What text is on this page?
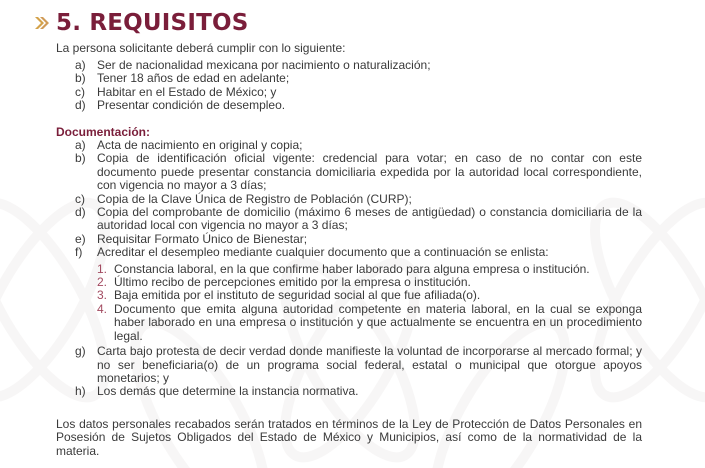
5. REQUISITOS
La persona solicitante deberá cumplir con lo siguiente:
a) Ser de nacionalidad mexicana por nacimiento o naturalización;
b) Tener 18 años de edad en adelante;
c)	Habitar en el Estado de México; y
d) Presentar condición de desempleo.
Documentación:
a) Acta de nacimiento en original y copia;
b) Copia de identificación oficial vigente: credencial para votar; en caso de no contar con este documento puede presentar constancia domiciliaria expedida por la autoridad local correspondiente, con vigencia no mayor a 3 días;
c)	Copia de la Clave Única de Registro de Población (CURP);
d) Copia del comprobante de domicilio (máximo 6 meses de antigüedad) o constancia domiciliaria de la autoridad local con vigencia no mayor a 3 días;
e) Requisitar Formato Único de Bienestar;
f)	Acreditar el desempleo mediante cualquier documento que a continuación se enlista:
1. Constancia laboral, en la que confirme haber laborado para alguna empresa o institución.
2. Último recibo de percepciones emitido por la empresa o institución.
3. Baja emitida por el instituto de seguridad social al que fue afiliada(o).
4. Documento que emita alguna autoridad competente en materia laboral, en la cual se exponga haber laborado en una empresa o institución y que actualmente se encuentra en un procedimiento legal.
g) Carta bajo protesta de decir verdad donde manifieste la voluntad de incorporarse al mercado formal; y no ser beneficiaria(o) de un programa social federal, estatal o municipal que otorgue apoyos monetarios; y
h) Los demás que determine la instancia normativa.
Los datos personales recabados serán tratados en términos de la Ley de Protección de Datos Personales en Posesión de Sujetos Obligados del Estado de México y Municipios, así como de la normatividad de la materia.
